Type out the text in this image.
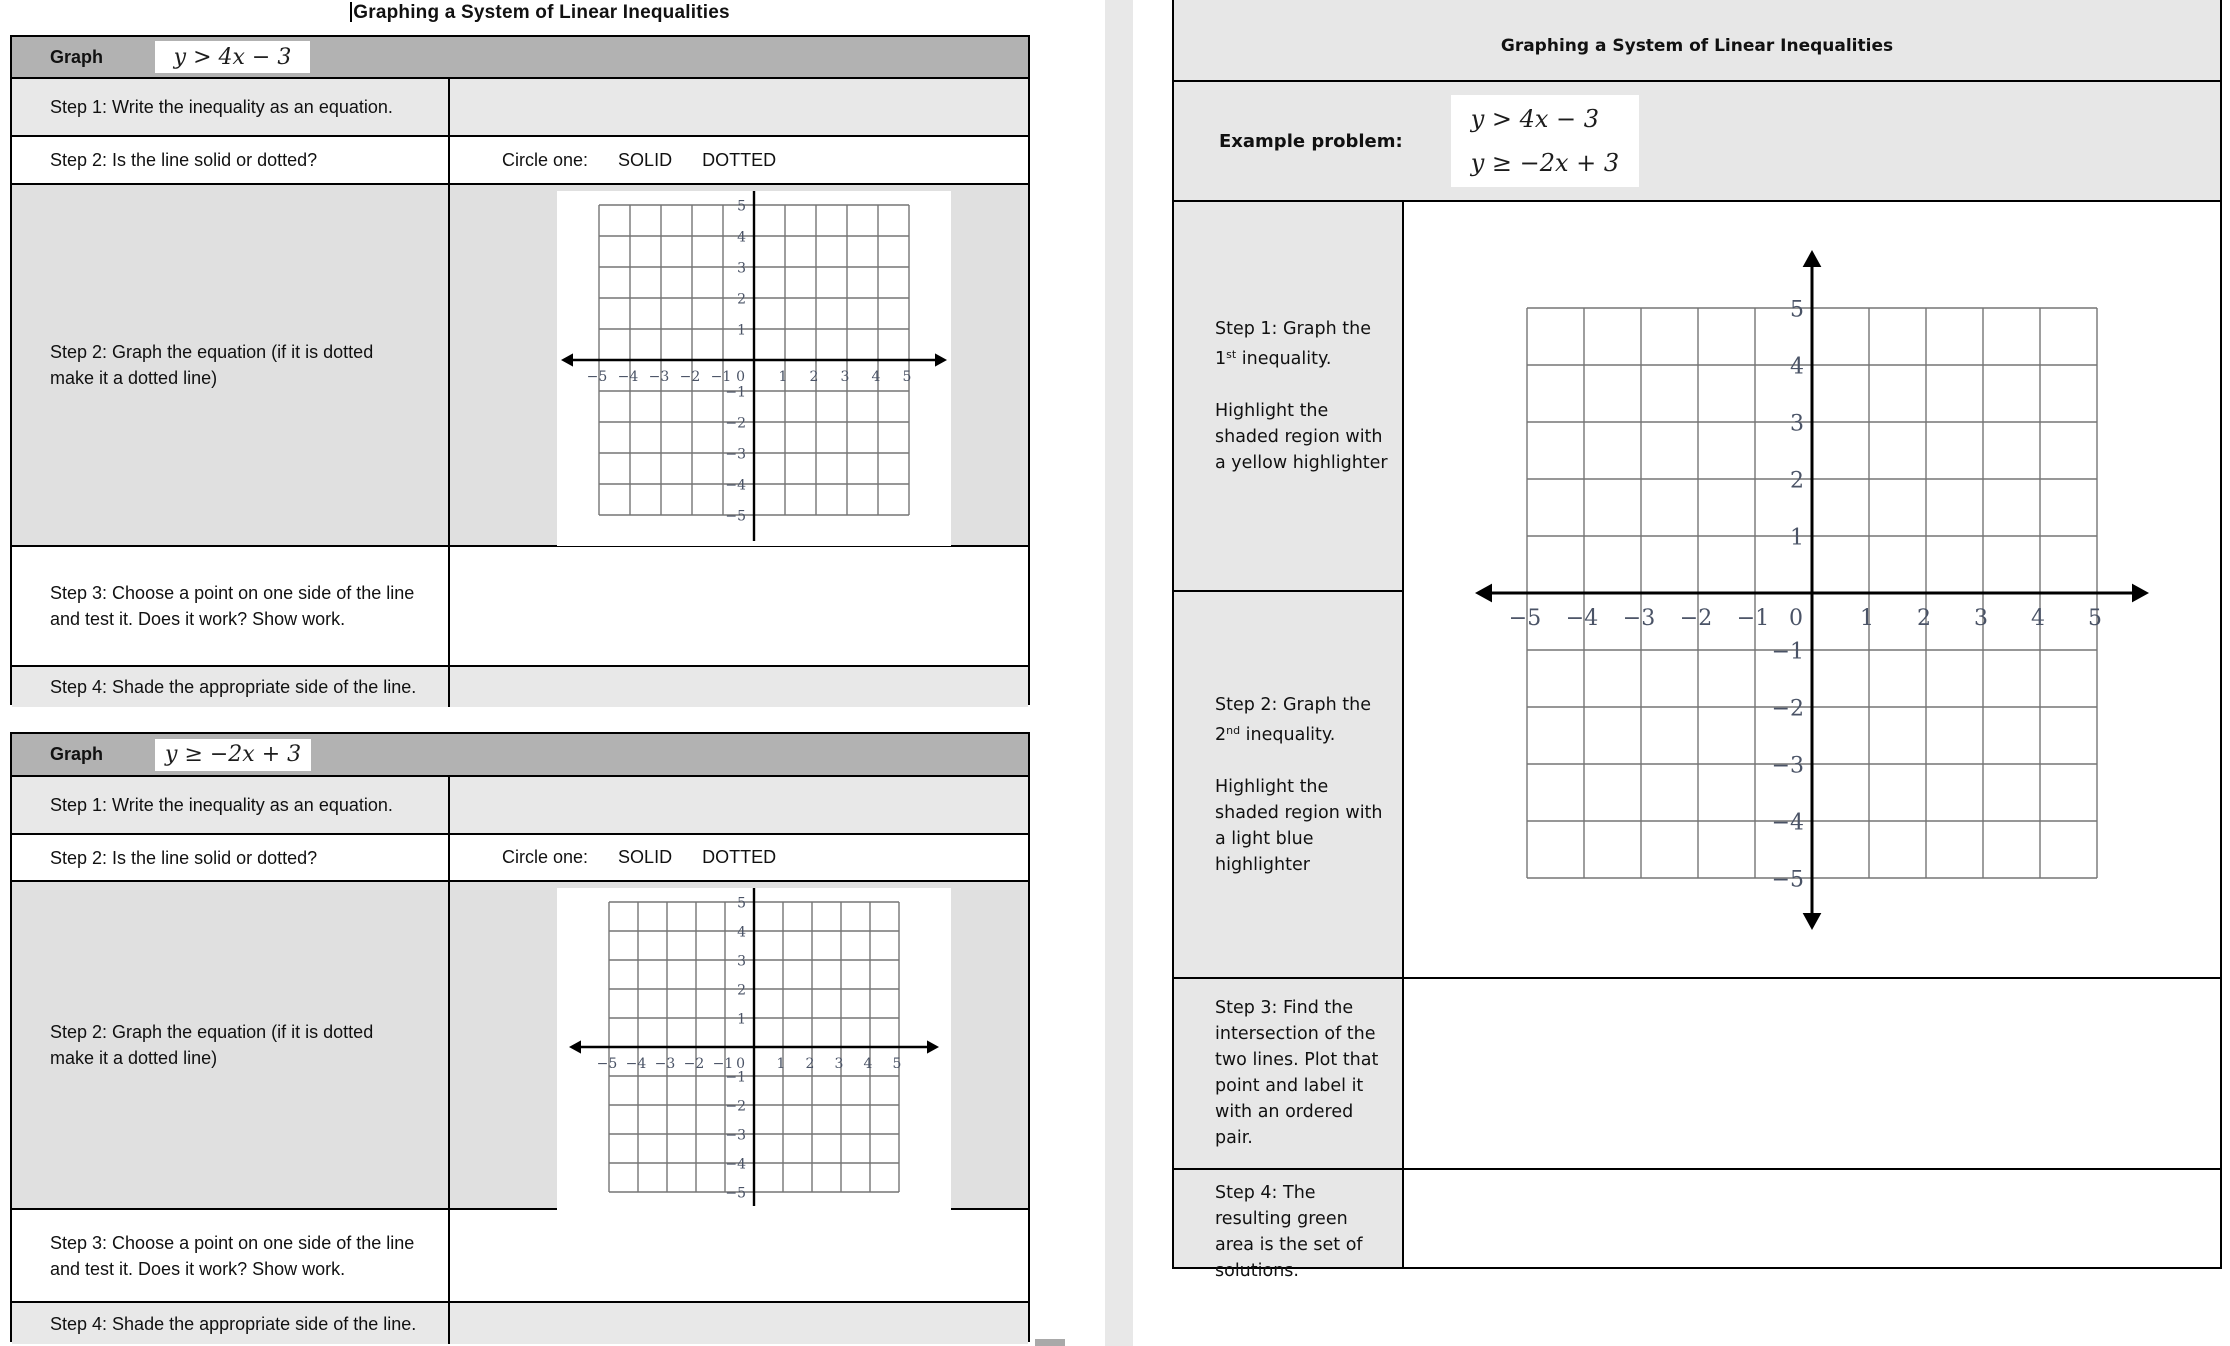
Graphing a System of Linear Inequalities
Graph	y > 4x − 3
Step 1: Write the inequality as an equation.
Step 2: Is the line solid or dotted?	Circle one: SOLID DOTTED
Step 2: Graph the equation (if it is dotted make it a dotted line)	−5 −4 −3 −2 −1 0 1 2 3 4 5
5
4
3
2
1
−1
−2
−3
−4
−5
Step 3: Choose a point on one side of the line and test it. Does it work? Show work.
Step 4: Shade the appropriate side of the line.
Graph	y ≥ −2x + 3
Step 1: Write the inequality as an equation.
Step 2: Is the line solid or dotted?	Circle one: SOLID DOTTED
Step 2: Graph the equation (if it is dotted make it a dotted line)	−5 −4 −3 −2 −1 0 1 2 3 4 5
5
4
3
2
1
−1
−2
−3
−4
−5
Step 3: Choose a point on one side of the line and test it. Does it work? Show work.
Step 4: Shade the appropriate side of the line.
Graphing a System of Linear Inequalities
Example problem:
y > 4x − 3
y ≥ −2x + 3

Step 1: Graph the 1st inequality.

Highlight the shaded region with a yellow highlighter

Step 2: Graph the 2nd inequality.

Highlight the shaded region with a light blue highlighter

Step 3: Find the intersection of the two lines. Plot that point and label it with an ordered pair.
Step 4: The resulting green area is the set of solutions.
−5 −4 −3 −2 −1 0	1 2 3 4 5
5
4
3
2
1
−1
−2
−3
−4
−5
